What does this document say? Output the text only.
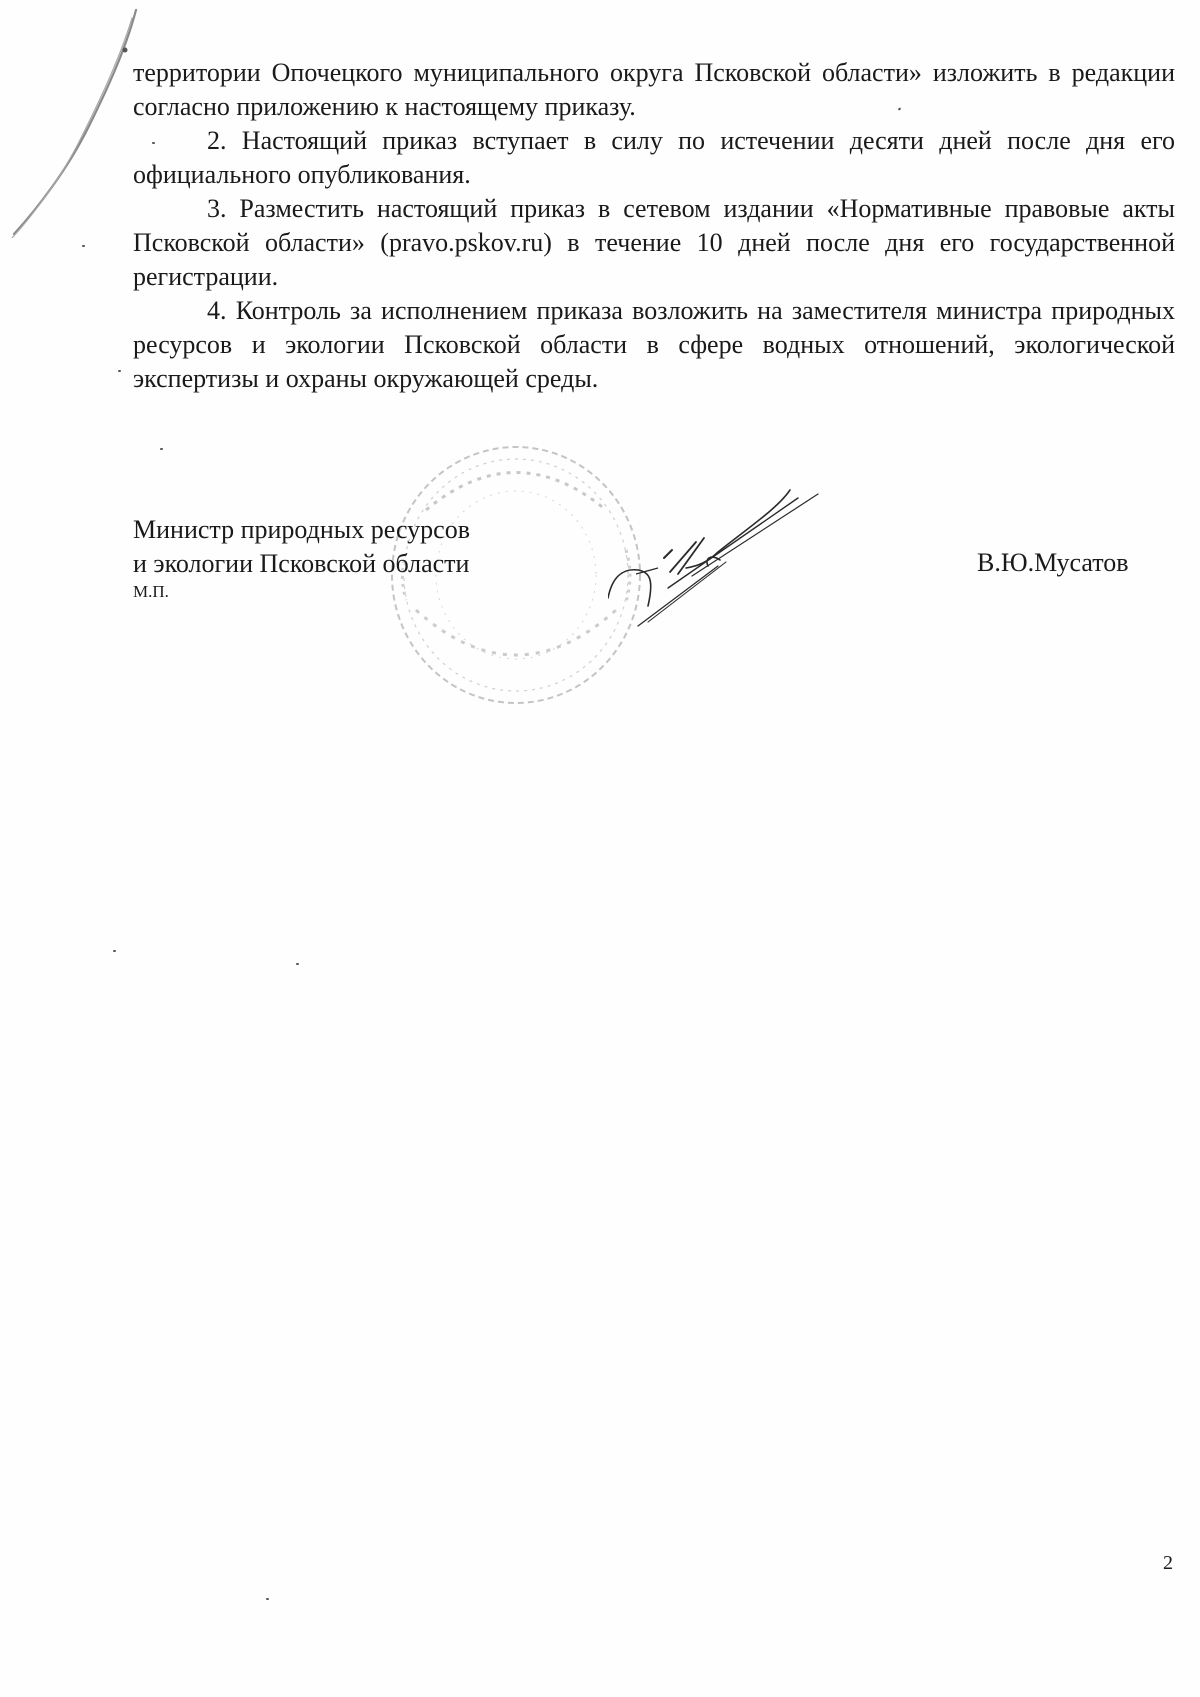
территории Опочецкого муниципального округа Псковской области» изложить в редакции согласно приложению к настоящему приказу.

2. Настоящий приказ вступает в силу по истечении десяти дней после дня его официального опубликования.

3. Разместить настоящий приказ в сетевом издании «Нормативные правовые акты Псковской области» (pravo.pskov.ru) в течение 10 дней после дня его государственной регистрации.

4. Контроль за исполнением приказа возложить на заместителя министра природных ресурсов и экологии Псковской области в сфере водных отношений, экологической экспертизы и охраны окружающей среды.

Министр природных ресурсов
и экологии Псковской области
М.П.
В.Ю.Мусатов
2
